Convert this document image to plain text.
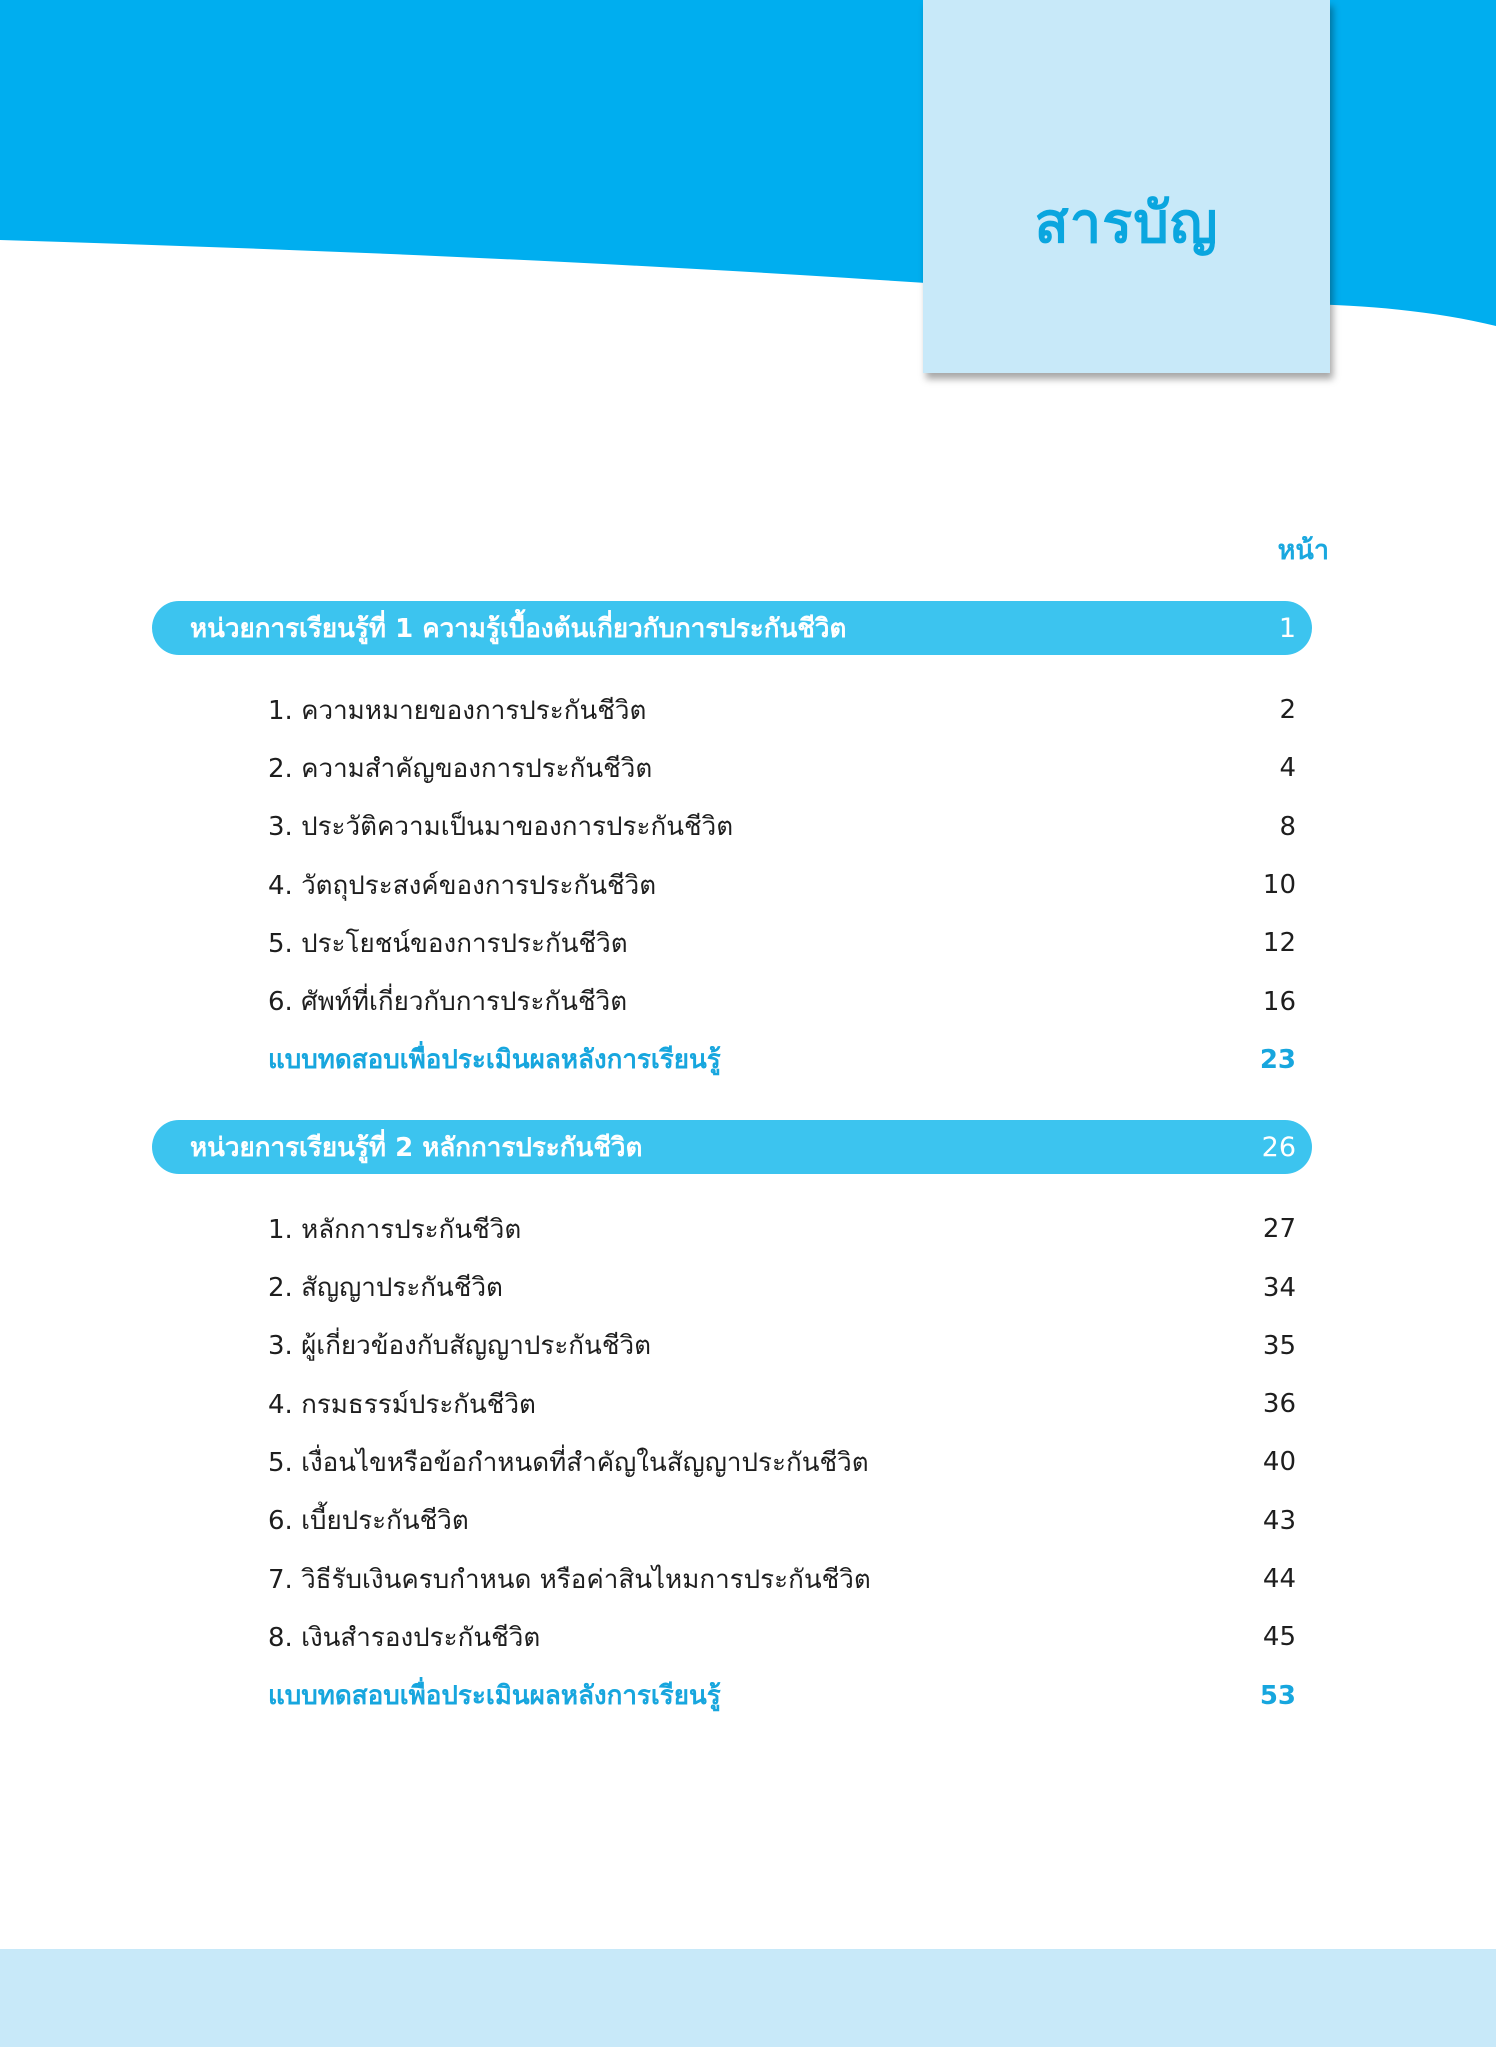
สารบัญ
หน้า
หน่วยการเรียนรู้ที่ 1 ความรู้เบื้องต้นเกี่ยวกับการประกันชีวิต	1
1. ความหมายของการประกันชีวิต	2
2. ความสำคัญของการประกันชีวิต	4
3. ประวัติความเป็นมาของการประกันชีวิต	8
4. วัตถุประสงค์ของการประกันชีวิต	10
5. ประโยชน์ของการประกันชีวิต	12
6. ศัพท์ที่เกี่ยวกับการประกันชีวิต	16
แบบทดสอบเพื่อประเมินผลหลังการเรียนรู้	23
หน่วยการเรียนรู้ที่ 2 หลักการประกันชีวิต	26
1. หลักการประกันชีวิต	27
2. สัญญาประกันชีวิต	34
3. ผู้เกี่ยวข้องกับสัญญาประกันชีวิต	35
4. กรมธรรม์ประกันชีวิต	36
5. เงื่อนไขหรือข้อกำหนดที่สำคัญในสัญญาประกันชีวิต	40
6. เบี้ยประกันชีวิต	43
7. วิธีรับเงินครบกำหนด หรือค่าสินไหมการประกันชีวิต	44
8. เงินสำรองประกันชีวิต	45
แบบทดสอบเพื่อประเมินผลหลังการเรียนรู้	53
